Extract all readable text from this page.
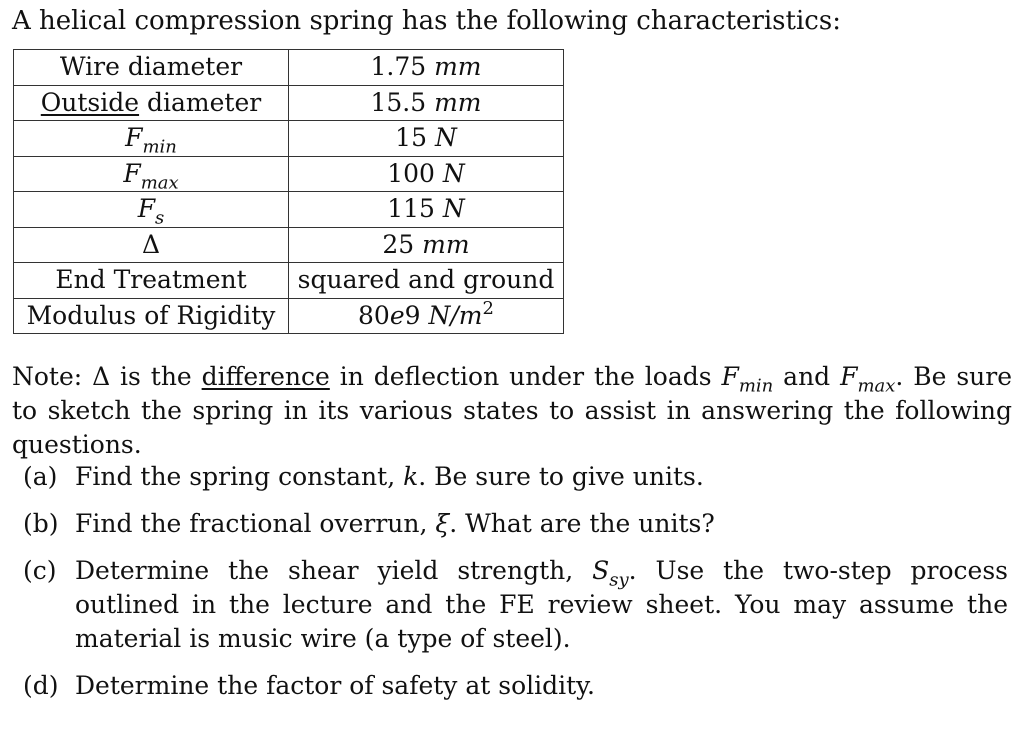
A helical compression spring has the following characteristics:
Wire diameter	1.75 mm
Outside diameter	15.5 mm
$F_{min}$	15 N
$F_{max}$	100 N
$F_s$	115 N
Δ	25 mm
End Treatment	squared and ground
Modulus of Rigidity	80e9 $N/m^2$
Note: Δ is the difference in deflection under the loads $F_{min}$ and $F_{max}$. Be sure to sketch the spring in its various states to assist in answering the following questions.
(a) Find the spring constant, k. Be sure to give units.
(b) Find the fractional overrun, ξ. What are the units?
(c) Determine the shear yield strength, $S_{sy}$. Use the two-step process outlined in the lecture and the FE review sheet. You may assume the material is music wire (a type of steel).
(d) Determine the factor of safety at solidity.
